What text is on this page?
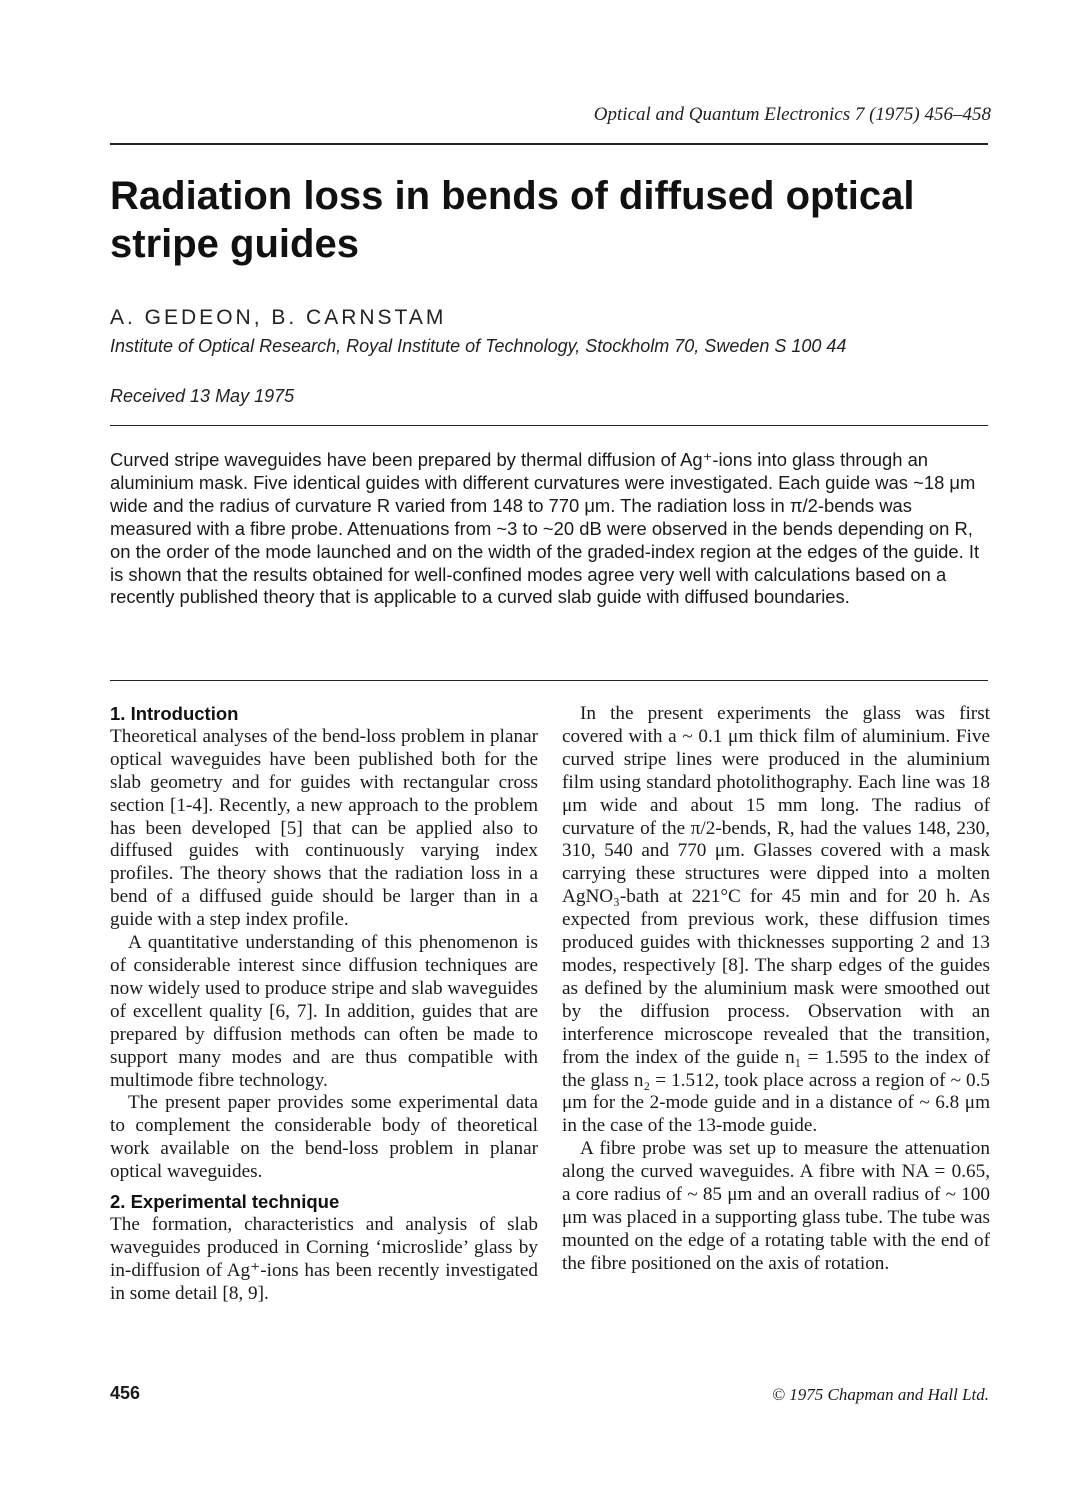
Optical and Quantum Electronics 7 (1975) 456–458
Radiation loss in bends of diffused optical stripe guides
A. GEDEON, B. CARNSTAM
Institute of Optical Research, Royal Institute of Technology, Stockholm 70, Sweden S 100 44
Received 13 May 1975
Curved stripe waveguides have been prepared by thermal diffusion of Ag⁺-ions into glass through an aluminium mask. Five identical guides with different curvatures were investigated. Each guide was ~18 μm wide and the radius of curvature R varied from 148 to 770 μm. The radiation loss in π/2-bends was measured with a fibre probe. Attenuations from ~3 to ~20 dB were observed in the bends depending on R, on the order of the mode launched and on the width of the graded-index region at the edges of the guide. It is shown that the results obtained for well-confined modes agree very well with calculations based on a recently published theory that is applicable to a curved slab guide with diffused boundaries.
1. Introduction

Theoretical analyses of the bend-loss problem in planar optical waveguides have been published both for the slab geometry and for guides with rectangular cross section [1-4]. Recently, a new approach to the problem has been developed [5] that can be applied also to diffused guides with continuously varying index profiles. The theory shows that the radiation loss in a bend of a diffused guide should be larger than in a guide with a step index profile.

A quantitative understanding of this phenomenon is of considerable interest since diffusion techniques are now widely used to produce stripe and slab waveguides of excellent quality [6, 7]. In addition, guides that are prepared by diffusion methods can often be made to support many modes and are thus compatible with multimode fibre technology.

The present paper provides some experimental data to complement the considerable body of theoretical work available on the bend-loss problem in planar optical waveguides.

2. Experimental technique

The formation, characteristics and analysis of slab waveguides produced in Corning ‘microslide’ glass by in-diffusion of Ag⁺-ions has been recently investigated in some detail [8, 9].

In the present experiments the glass was first covered with a ~ 0.1 μm thick film of aluminium. Five curved stripe lines were produced in the aluminium film using standard photolithography. Each line was 18 μm wide and about 15 mm long. The radius of curvature of the π/2-bends, R, had the values 148, 230, 310, 540 and 770 μm. Glasses covered with a mask carrying these structures were dipped into a molten AgNO₃-bath at 221°C for 45 min and for 20 h. As expected from previous work, these diffusion times produced guides with thicknesses supporting 2 and 13 modes, respectively [8]. The sharp edges of the guides as defined by the aluminium mask were smoothed out by the diffusion process. Observation with an interference microscope revealed that the transition, from the index of the guide n₁ = 1.595 to the index of the glass n₂ = 1.512, took place across a region of ~ 0.5 μm for the 2-mode guide and in a distance of ~ 6.8 μm in the case of the 13-mode guide.

A fibre probe was set up to measure the attenuation along the curved waveguides. A fibre with NA = 0.65, a core radius of ~ 85 μm and an overall radius of ~ 100 μm was placed in a supporting glass tube. The tube was mounted on the edge of a rotating table with the end of the fibre positioned on the axis of rotation.

456	© 1975 Chapman and Hall Ltd.
